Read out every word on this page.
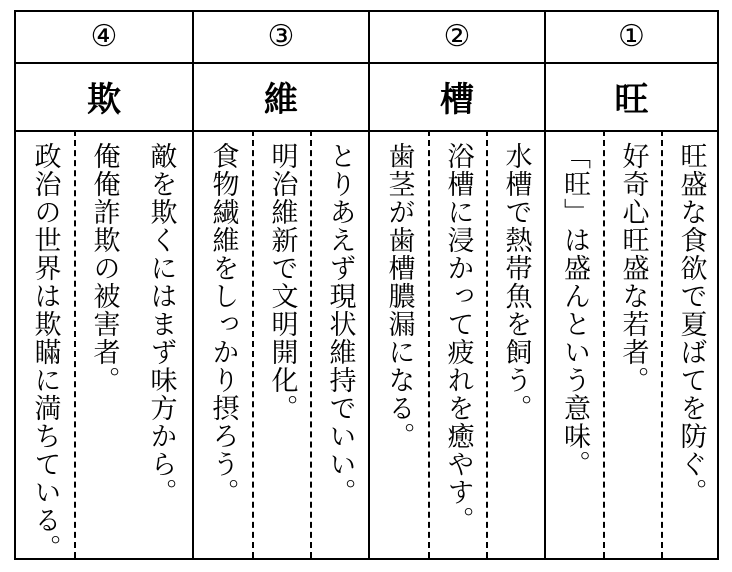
④
欺
敵を欺くにはまず味方から。
俺俺詐欺の被害者。
政治の世界は欺瞞に満ちている。
③
維
とりあえず現状維持でいい。
明治維新で文明開化。
食物繊維をしっかり摂ろう。
②
槽
水槽で熱帯魚を飼う。
浴槽に浸かって疲れを癒やす。
歯茎が歯槽膿漏になる。
①
旺
旺盛な食欲で夏ばてを防ぐ。
好奇心旺盛な若者。
「旺」は盛んという意味。
